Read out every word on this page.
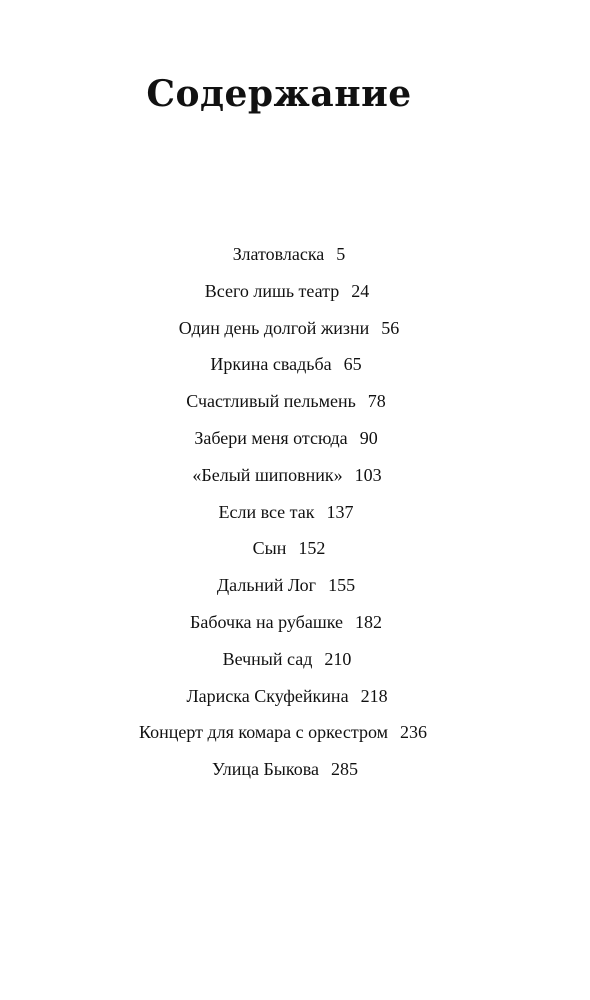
Содержание
Златовласка 5
Всего лишь театр 24
Один день долгой жизни 56
Иркина свадьба 65
Счастливый пельмень 78
Забери меня отсюда 90
«Белый шиповник» 103
Если все так 137
Сын 152
Дальний Лог 155
Бабочка на рубашке 182
Вечный сад 210
Лариска Скуфейкина 218
Концерт для комара с оркестром 236
Улица Быкова 285
